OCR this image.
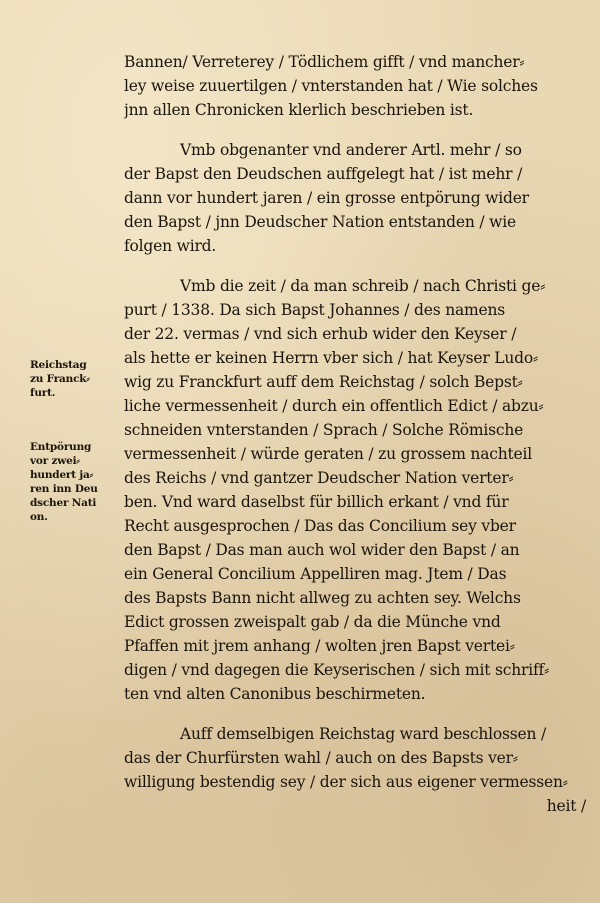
Bannen/ Verreterey / Tödlichem gifft / vnd mancher⸗
ley weise zuuertilgen / vnterstanden hat / Wie solches
jnn allen Chronicken klerlich beschrieben ist.

Vmb obgenanter vnd anderer Artl. mehr / so
der Bapst den Deudschen auffgelegt hat / ist mehr /
dann vor hundert jaren / ein grosse entpörung wider
den Bapst / jnn Deudscher Nation entstanden / wie
folgen wird.

Vmb die zeit / da man schreib / nach Christi ge⸗
purt / 1338. Da sich Bapst Johannes / des namens
der 22. vermas / vnd sich erhub wider den Keyser /
als hette er keinen Herrn vber sich / hat Keyser Ludo⸗
wig zu Franckfurt auff dem Reichstag / solch Bepst⸗
liche vermessenheit / durch ein offentlich Edict / abzu⸗
schneiden vnterstanden / Sprach / Solche Römische
vermessenheit / würde geraten / zu grossem nachteil
des Reichs / vnd gantzer Deudscher Nation verter⸗
ben. Vnd ward daselbst für billich erkant / vnd für
Recht ausgesprochen / Das das Concilium sey vber
den Bapst / Das man auch wol wider den Bapst / an
ein General Concilium Appelliren mag. Jtem / Das
des Bapsts Bann nicht allweg zu achten sey. Welchs
Edict grossen zweispalt gab / da die Münche vnd
Pfaffen mit jrem anhang / wolten jren Bapst vertei⸗
digen / vnd dagegen die Keyserischen / sich mit schriff⸗
ten vnd alten Canonibus beschirmeten.

Auff demselbigen Reichstag ward beschlossen /
das der Churfürsten wahl / auch on des Bapsts ver⸗
willigung bestendig sey / der sich aus eigener vermessen⸗
heit /

Reichstag
zu Franck⸗
furt.
Entpörung
vor zwei⸗
hundert ja⸗
ren inn Deu
dscher Nati
on.
